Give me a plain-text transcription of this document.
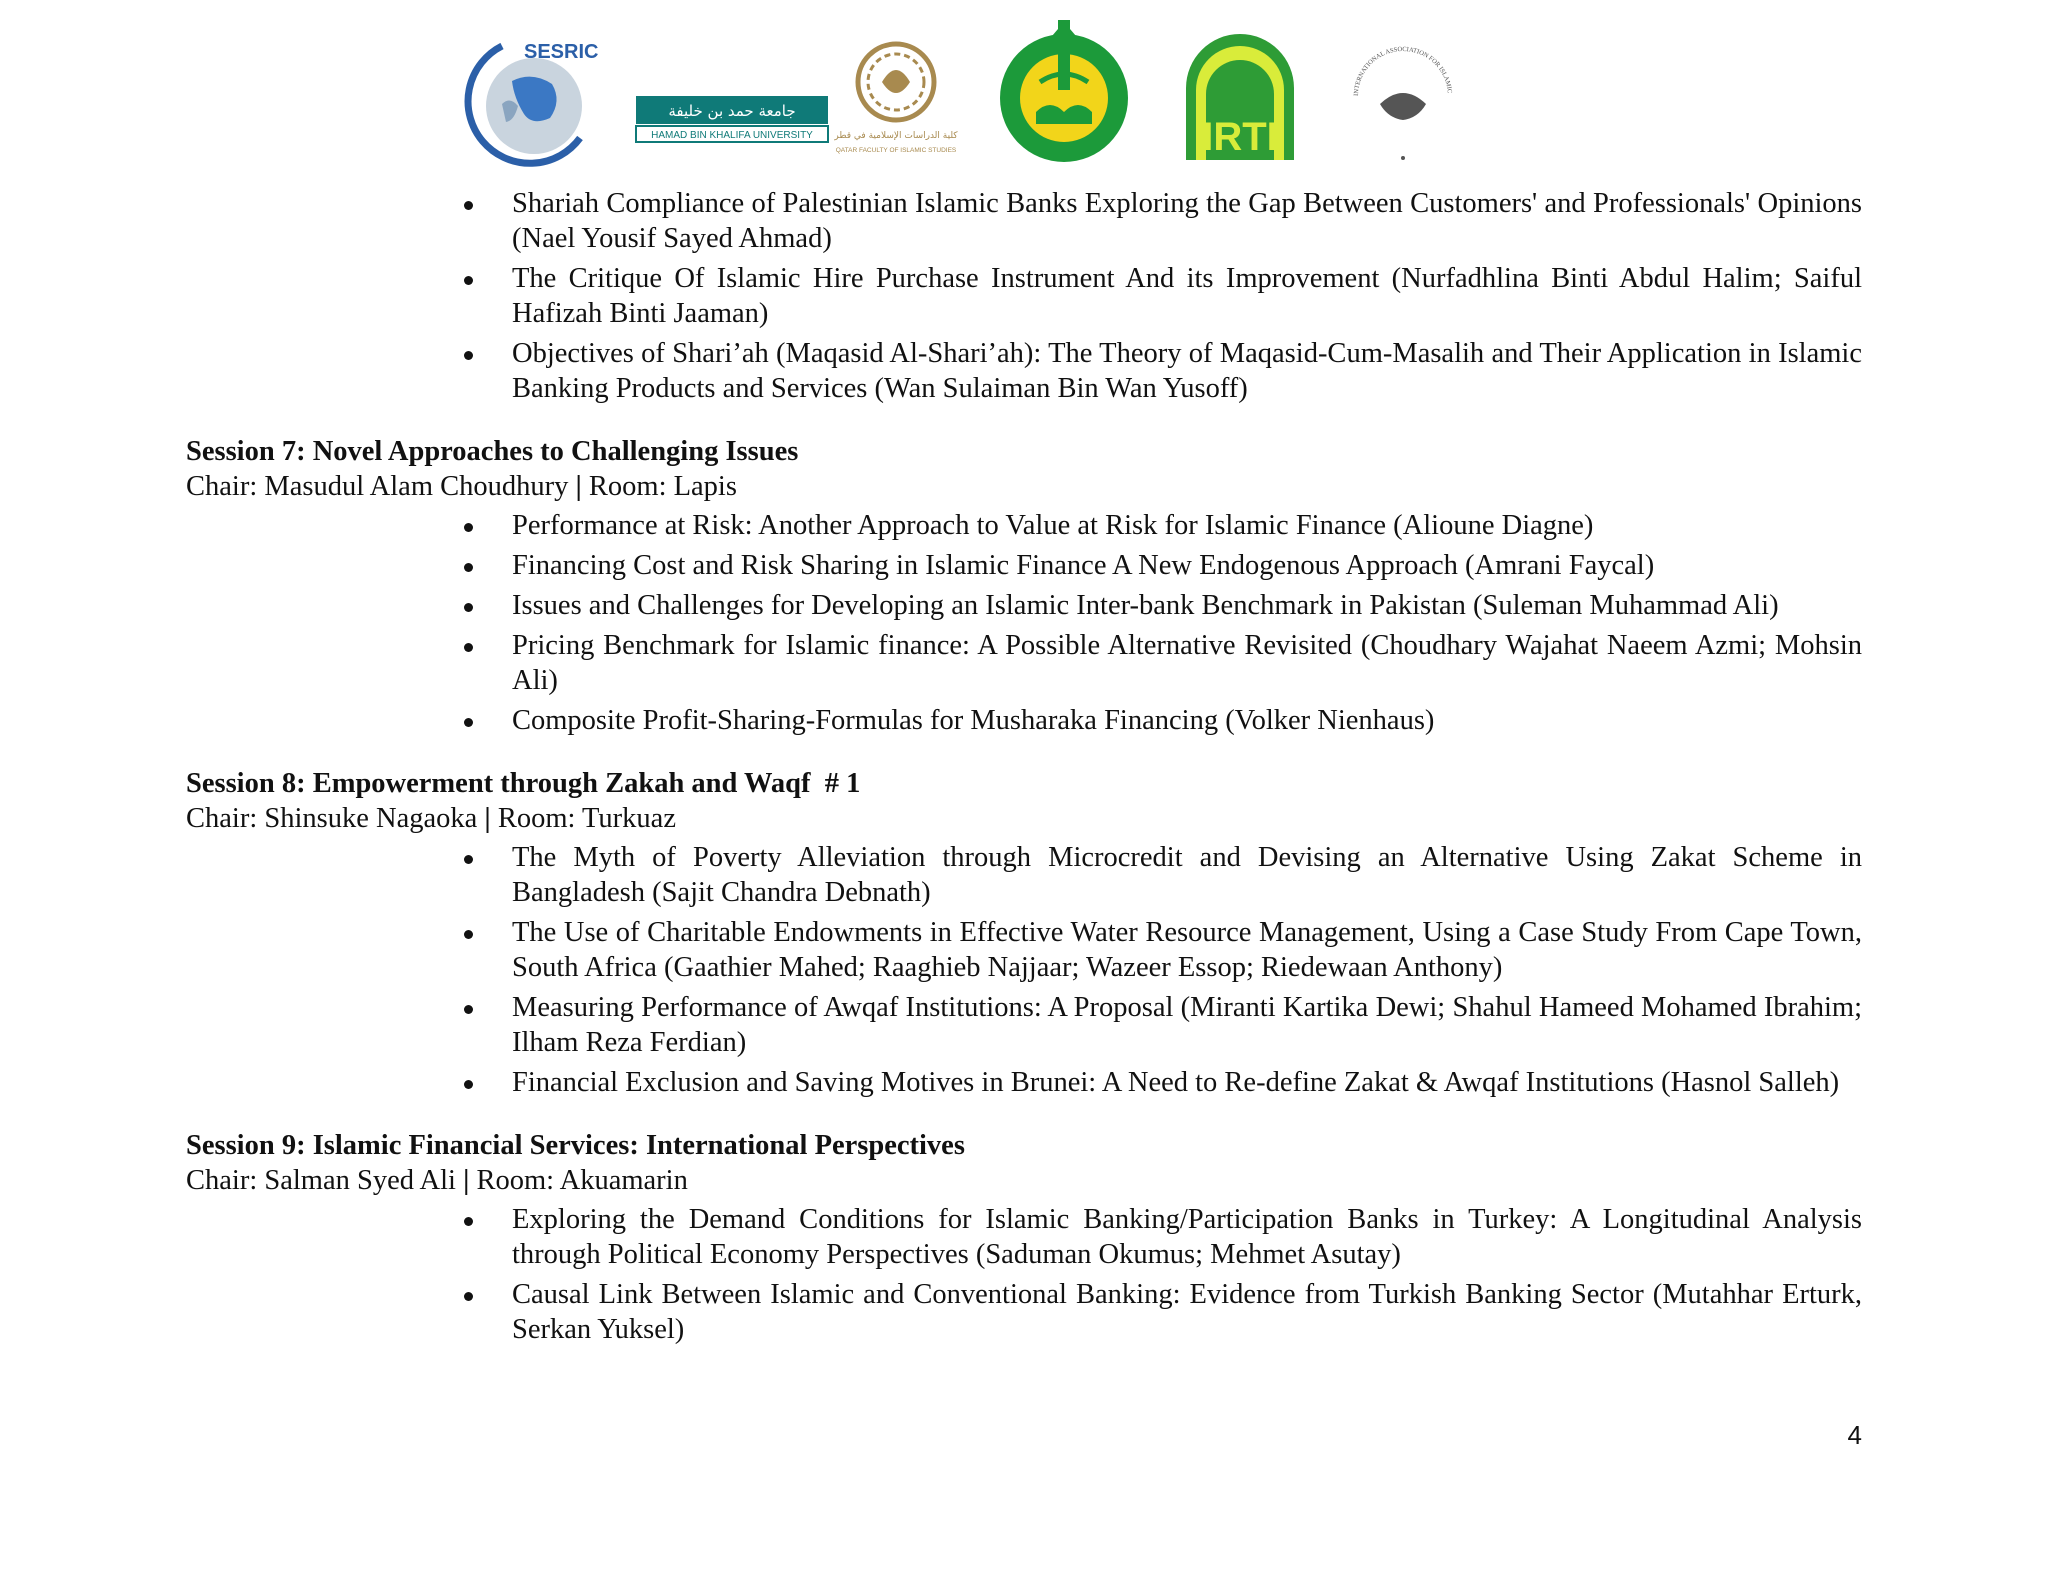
SESRIC
جامعة حمد بن خليفة
HAMAD BIN KHALIFA UNIVERSITY كلية الدراسات الإسلامية في قطر
QATAR FACULTY OF ISLAMIC STUDIES	IRTI
INTERNATIONAL ASSOCIATION FOR ISLAMIC
Shariah Compliance of Palestinian Islamic Banks Exploring the Gap Between Customers' and Professionals' Opinions (Nael Yousif Sayed Ahmad)
The Critique Of Islamic Hire Purchase Instrument And its Improvement (Nurfadhlina Binti Abdul Halim; Saiful Hafizah Binti Jaaman)
Objectives of Shari’ah (Maqasid Al-Shari’ah): The Theory of Maqasid-Cum-Masalih and Their Application in Islamic Banking Products and Services (Wan Sulaiman Bin Wan Yusoff)
Session 7: Novel Approaches to Challenging Issues
Chair: Masudul Alam Choudhury | Room: Lapis
Performance at Risk: Another Approach to Value at Risk for Islamic Finance (Alioune Diagne)
Financing Cost and Risk Sharing in Islamic Finance A New Endogenous Approach (Amrani Faycal)
Issues and Challenges for Developing an Islamic Inter-bank Benchmark in Pakistan (Suleman Muhammad Ali)
Pricing Benchmark for Islamic finance: A Possible Alternative Revisited (Choudhary Wajahat Naeem Azmi; Mohsin Ali)
Composite Profit-Sharing-Formulas for Musharaka Financing (Volker Nienhaus)
Session 8: Empowerment through Zakah and Waqf  # 1
Chair: Shinsuke Nagaoka | Room: Turkuaz
The Myth of Poverty Alleviation through Microcredit and Devising an Alternative Using Zakat Scheme in Bangladesh (Sajit Chandra Debnath)
The Use of Charitable Endowments in Effective Water Resource Management, Using a Case Study From Cape Town, South Africa (Gaathier Mahed; Raaghieb Najjaar; Wazeer Essop; Riedewaan Anthony)
Measuring Performance of Awqaf Institutions: A Proposal (Miranti Kartika Dewi; Shahul Hameed Mohamed Ibrahim; Ilham Reza Ferdian)
Financial Exclusion and Saving Motives in Brunei: A Need to Re-define Zakat & Awqaf Institutions (Hasnol Salleh)
Session 9: Islamic Financial Services: International Perspectives
Chair: Salman Syed Ali | Room: Akuamarin
Exploring the Demand Conditions for Islamic Banking/Participation Banks in Turkey: A Longitudinal Analysis through Political Economy Perspectives (Saduman Okumus; Mehmet Asutay)
Causal Link Between Islamic and Conventional Banking: Evidence from Turkish Banking Sector (Mutahhar Erturk, Serkan Yuksel)
4
